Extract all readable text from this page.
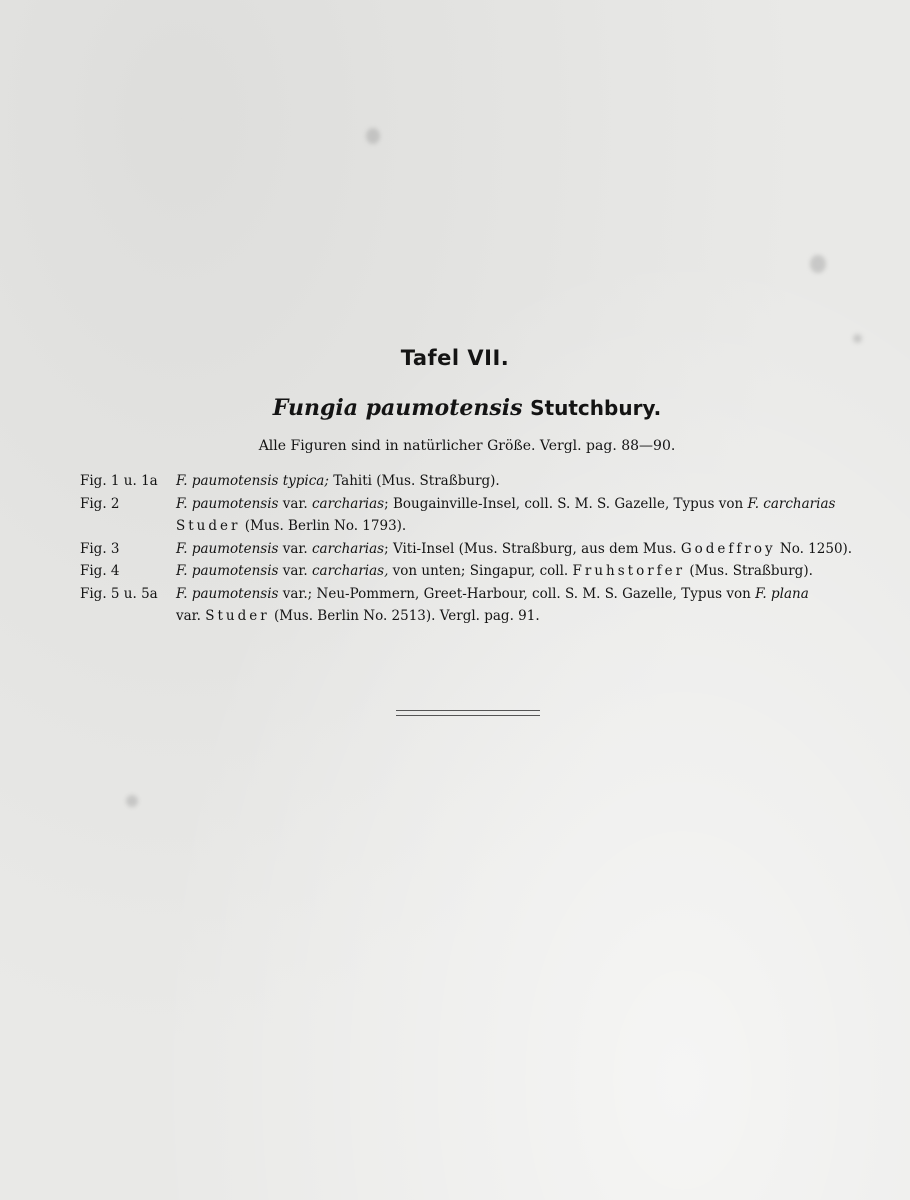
Tafel VII.
Fungia paumotensis Stutchbury.

Alle Figuren sind in natürlicher Größe. Vergl. pag. 88—90.

Fig. 1 u. 1a	F. paumotensis typica; Tahiti (Mus. Straßburg).
Fig. 2	F. paumotensis var. carcharias; Bougainville-Insel, coll. S. M. S. Gazelle, Typus von F. carcharias
Studer (Mus. Berlin No. 1793).
Fig. 3	F. paumotensis var. carcharias; Viti-Insel (Mus. Straßburg, aus dem Mus. Godeffroy No. 1250).
Fig. 4	F. paumotensis var. carcharias, von unten; Singapur, coll. Fruhstorfer (Mus. Straßburg).
Fig. 5 u. 5a	F. paumotensis var.; Neu-Pommern, Greet-Harbour, coll. S. M. S. Gazelle, Typus von F. plana
var. Studer (Mus. Berlin No. 2513). Vergl. pag. 91.
